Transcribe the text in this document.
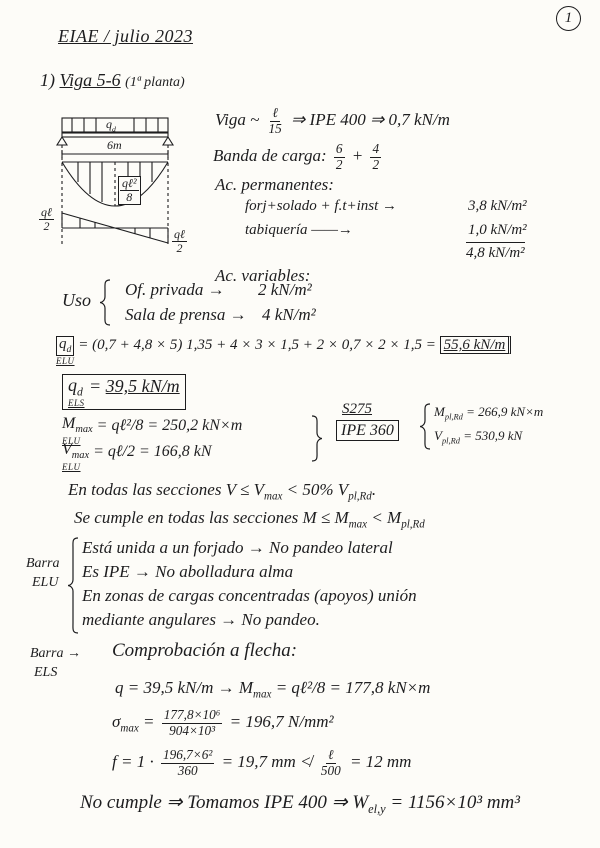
1
EIAE / julio 2023
1) Viga 5-6 (1ª planta)
$q_d$
6m
$\frac{\text{qℓ²}}{8}$
$\frac{\text{qℓ}}{2}$
$\frac{\text{qℓ}}{2}$
Viga ~ $\frac{\text{ℓ}}{15}$ ⇒ IPE 400 ⇒ 0,7 kN/m
Banda de carga: $\frac{6}{2} + \frac{4}{2}$
Ac. permanentes:
forj+solado + f.t+inst →	3,8 kN/m²
tabiquería ——→	1,0 kN/m²
4,8 kN/m²
Ac. variables:
Uso
Of. privada → 2 kN/m²
Sala de prensa → 4 kN/m²
$q_d$
ELU
= (0,7 + 4,8 × 5) 1,35 + 4 × 3 × 1,5 + 2 × 0,7 × 2 × 1,5 = 55,6 kN/m
$q_d$
ELS
= 39,5 kN/m
$M_{max}$
ELU
= qℓ²/8 = 250,2 kN×m
$V_{max}$
ELU
= qℓ/2 = 166,8 kN
S275
IPE 360
$M_{pl,Rd} = 266,9$ kN×m
$V_{pl,Rd} = 530,9$ kN
En todas las secciones $V \le V_{max} < 50\%$ $V_{pl,Rd}$.
Se cumple en todas las secciones $M \le M_{max} < M_{pl,Rd}$
Barra
ELU
Está unida a un forjado → No pandeo lateral
Es IPE → No abolladura alma
En zonas de cargas concentradas (apoyos) unión
mediante angulares → No pandeo.
Barra →
ELS
Comprobación a flecha:
q = 39,5 $kN/m \to M_{max}$ = qℓ²/8 = 177,8 kN×m
$\sigma_{max} = \frac{\text{177,8×10⁶}}{\text{904×10³}} = 196,7$ N/mm²
$f = 1 \cdot \frac{\text{196,7×6²}}{360} = 19,7$ mm ≮ $\frac{\text{ℓ}}{500} = 12$ mm
No cumple ⇒ Tomamos IPE 400 ⇒ $W_{el,y} = 1156\times 10^3$ mm³
